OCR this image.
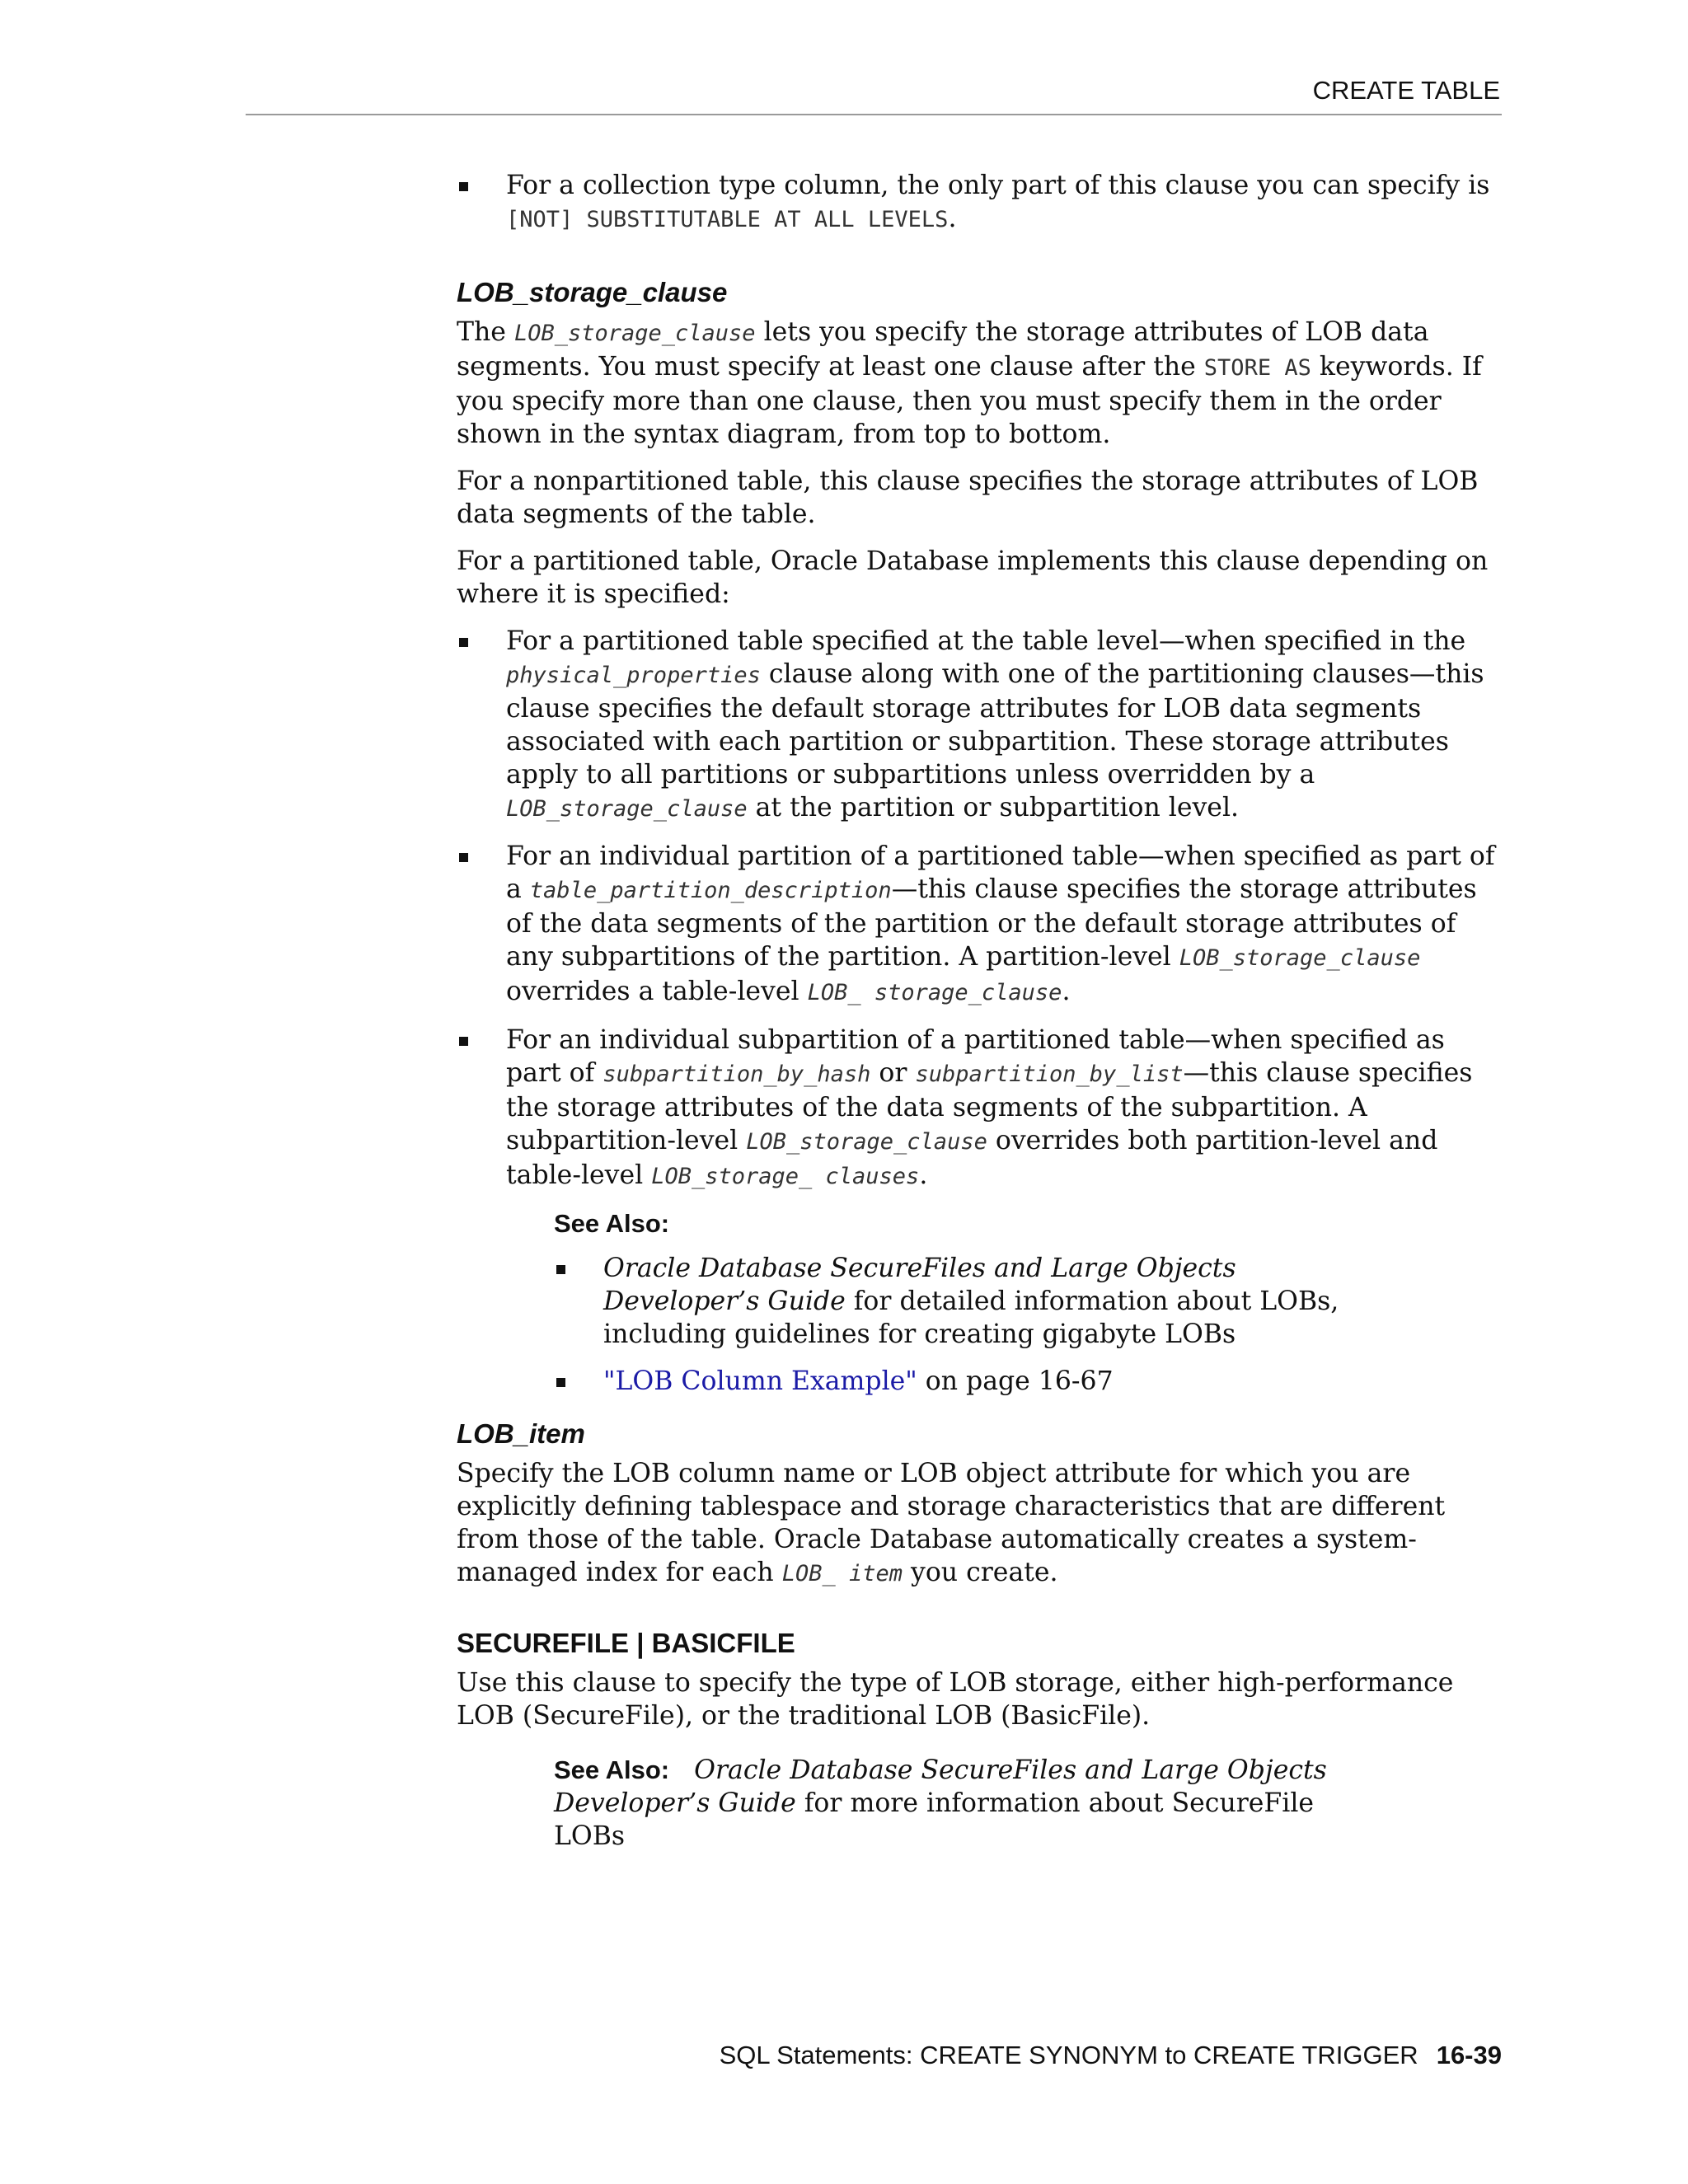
CREATE TABLE
For a collection type column, the only part of this clause you can specify is [NOT] SUBSTITUTABLE AT ALL LEVELS.
LOB_storage_clause

The LOB_storage_clause lets you specify the storage attributes of LOB data segments. You must specify at least one clause after the STORE AS keywords. If you specify more than one clause, then you must specify them in the order shown in the syntax diagram, from top to bottom.

For a nonpartitioned table, this clause specifies the storage attributes of LOB data segments of the table.

For a partitioned table, Oracle Database implements this clause depending on where it is specified:

For a partitioned table specified at the table level—when specified in the physical_properties clause along with one of the partitioning clauses—this clause specifies the default storage attributes for LOB data segments associated with each partition or subpartition. These storage attributes apply to all partitions or subpartitions unless overridden by a LOB_storage_clause at the partition or subpartition level.
For an individual partition of a partitioned table—when specified as part of a table_partition_description—this clause specifies the storage attributes of the data segments of the partition or the default storage attributes of any subpartitions of the partition. A partition-level LOB_storage_clause overrides a table-level LOB_ storage_clause.
For an individual subpartition of a partitioned table—when specified as part of subpartition_by_hash or subpartition_by_list—this clause specifies the storage attributes of the data segments of the subpartition. A subpartition-level LOB_storage_clause overrides both partition-level and table-level LOB_storage_ clauses.
See Also:
Oracle Database SecureFiles and Large Objects Developer’s Guide for detailed information about LOBs, including guidelines for creating gigabyte LOBs
"LOB Column Example" on page 16-67
LOB_item

Specify the LOB column name or LOB object attribute for which you are explicitly defining tablespace and storage characteristics that are different from those of the table. Oracle Database automatically creates a system-managed index for each LOB_ item you create.

SECUREFILE | BASICFILE

Use this clause to specify the type of LOB storage, either high-performance LOB (SecureFile), or the traditional LOB (BasicFile).

See Also: Oracle Database SecureFiles and Large Objects Developer’s Guide for more information about SecureFile LOBs
SQL Statements: CREATE SYNONYM to CREATE TRIGGER 16-39
